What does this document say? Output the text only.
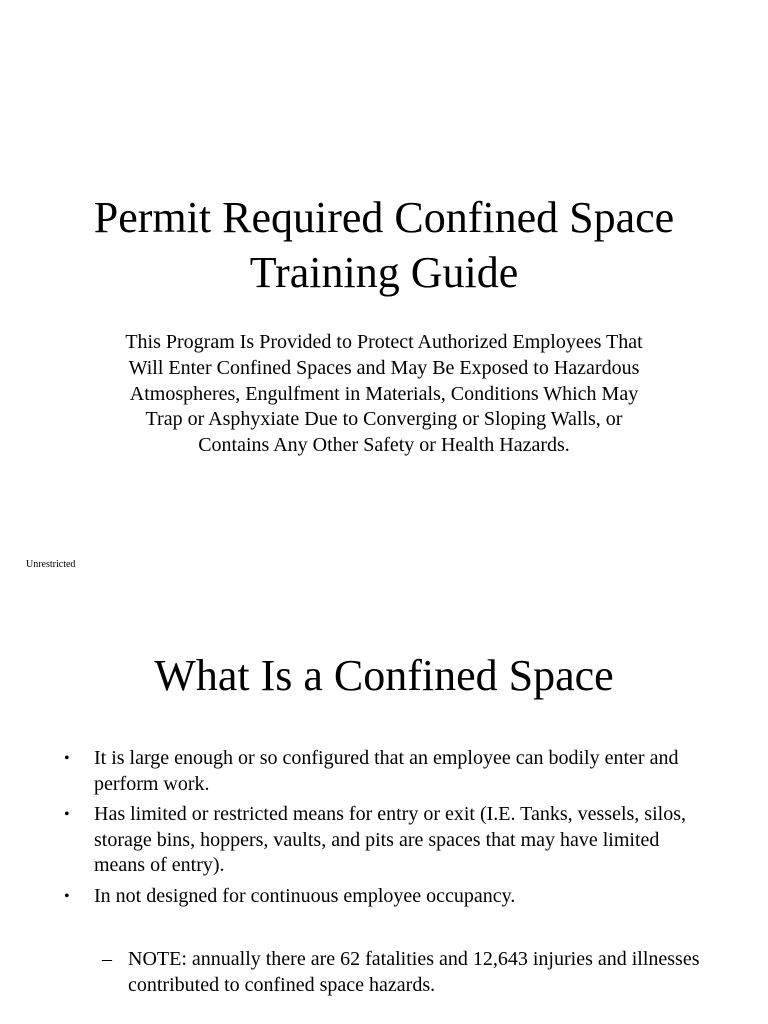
Permit Required Confined Space
Training Guide

This Program Is Provided to Protect Authorized Employees That Will Enter Confined Spaces and May Be Exposed to Hazardous Atmospheres, Engulfment in Materials, Conditions Which May Trap or Asphyxiate Due to Converging or Sloping Walls, or Contains Any Other Safety or Health Hazards.

Unrestricted

What Is a Confined Space
• It is large enough or so configured that an employee can bodily enter and perform work.
• Has limited or restricted means for entry or exit (I.E. Tanks, vessels, silos, storage bins, hoppers, vaults, and pits are spaces that may have limited means of entry).
• In not designed for continuous employee occupancy.

– NOTE: annually there are 62 fatalities and 12,643 injuries and illnesses contributed to confined space hazards.
